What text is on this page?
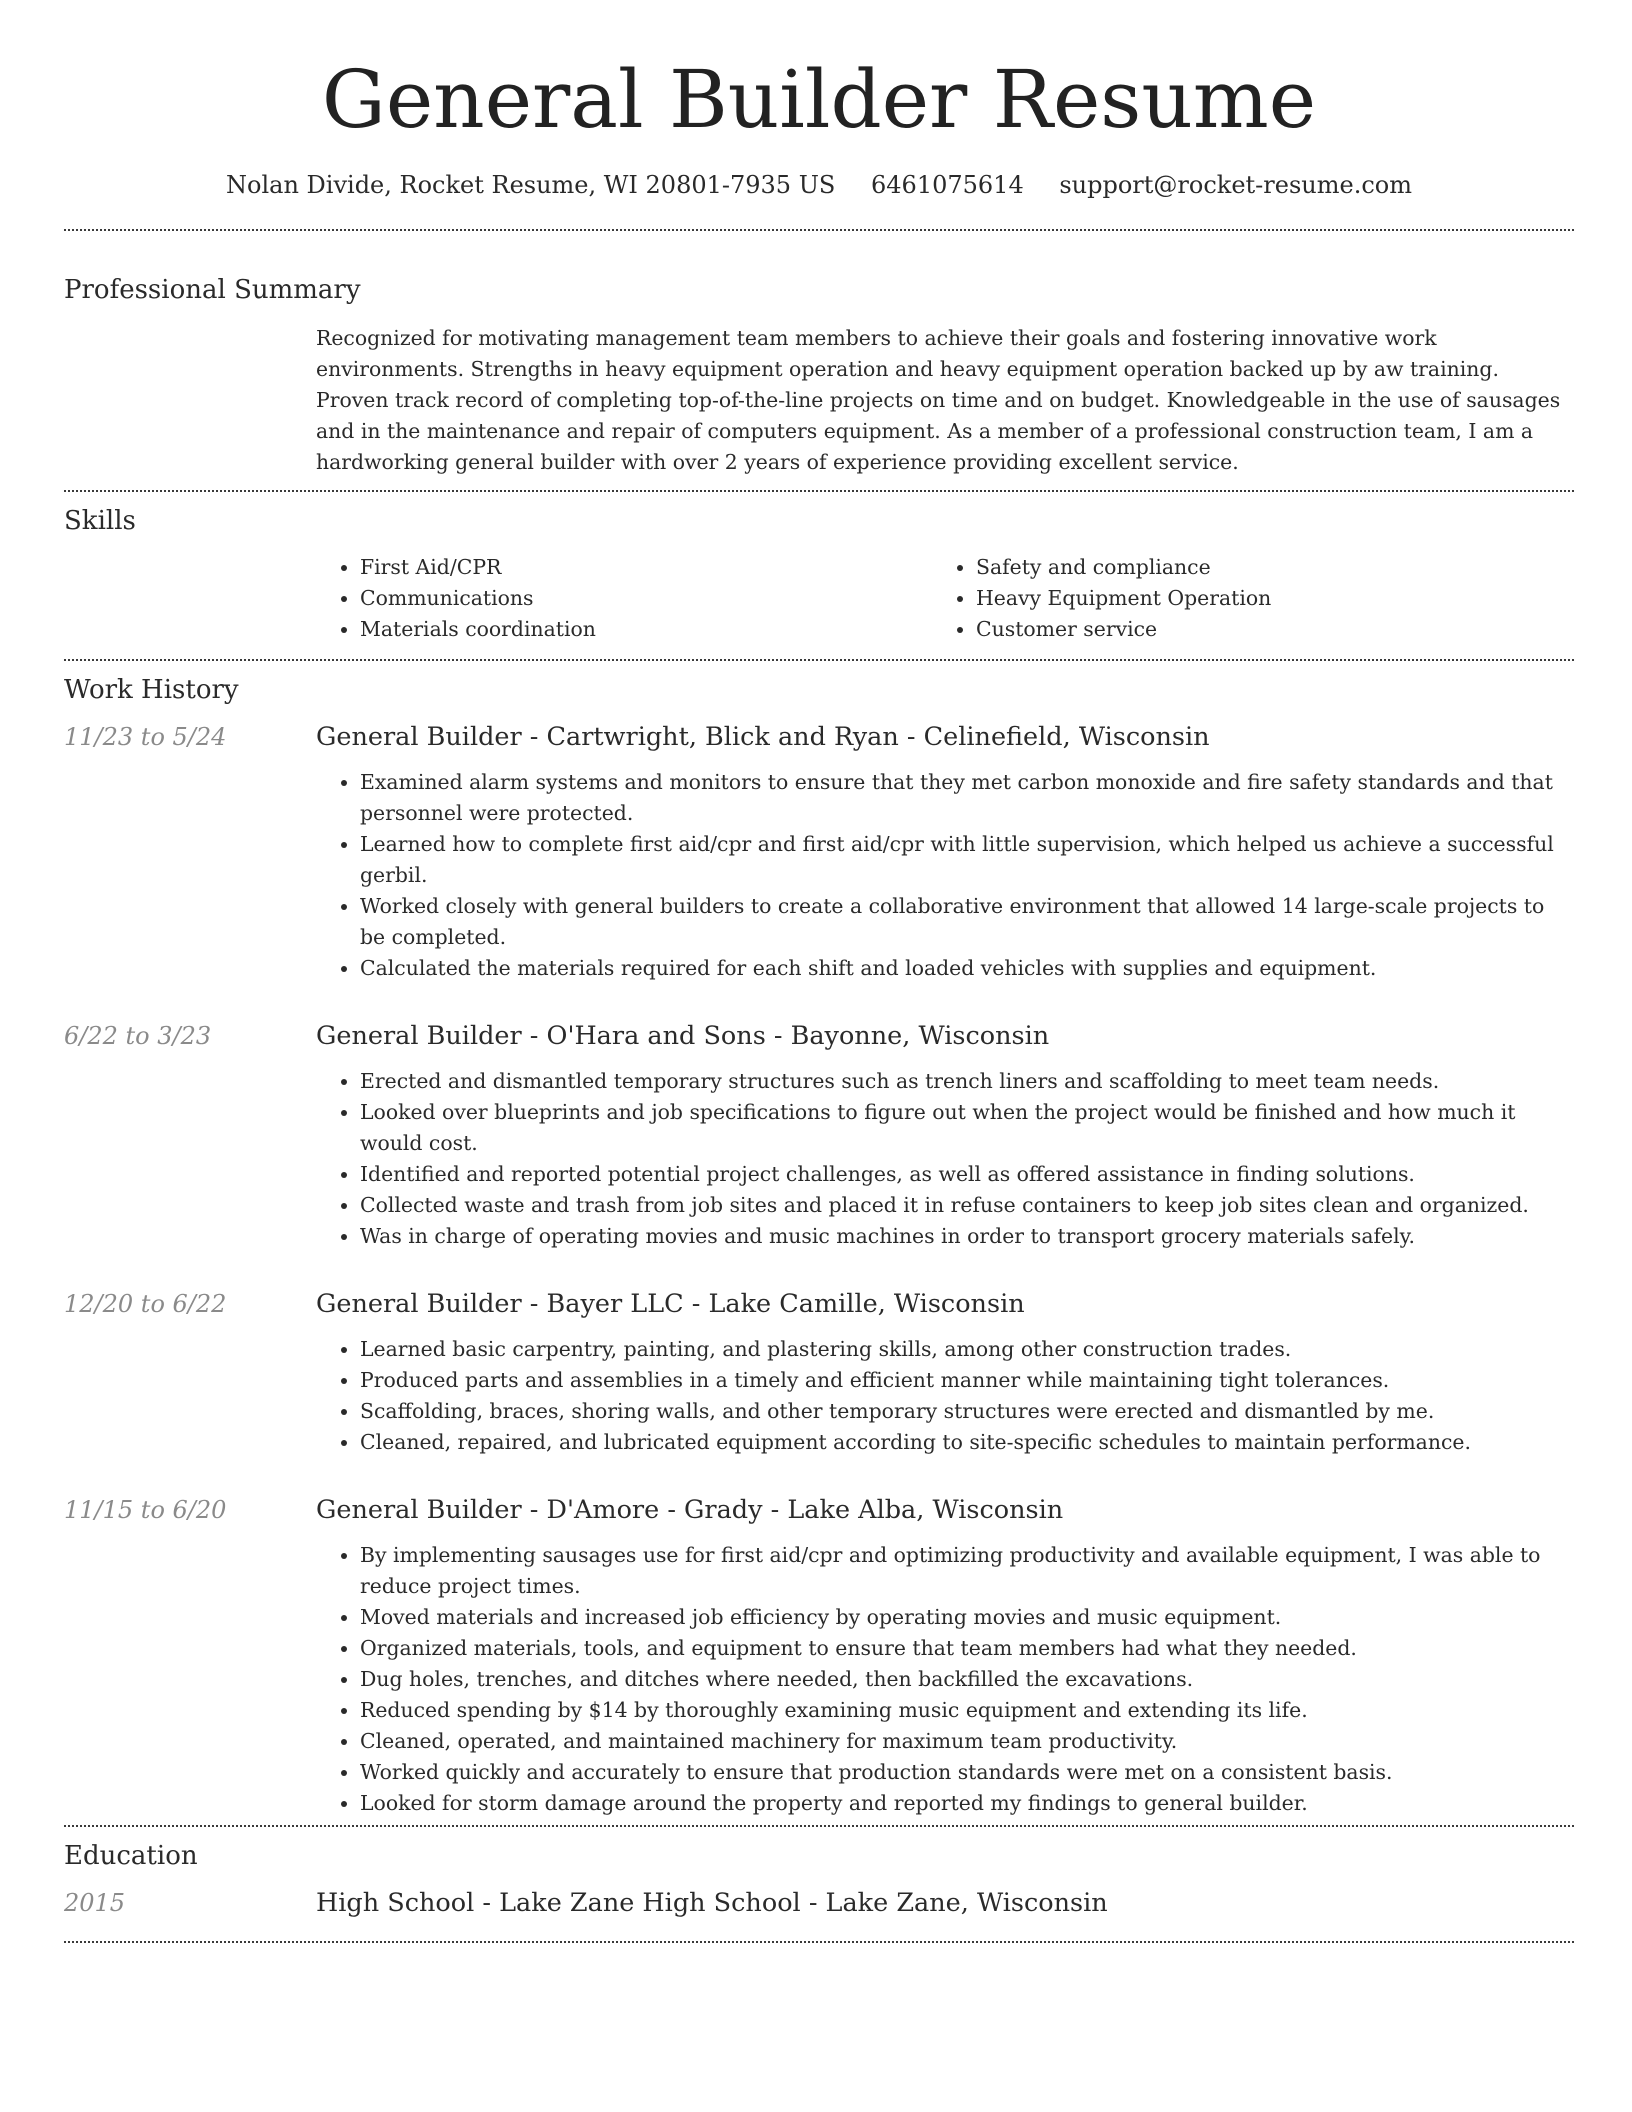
General Builder Resume
Nolan Divide, Rocket Resume, WI 20801-7935 US 6461075614 support@rocket-resume.com
Professional Summary
Recognized for motivating management team members to achieve their goals and fostering innovative work environments. Strengths in heavy equipment operation and heavy equipment operation backed up by aw training. Proven track record of completing top-of-the-line projects on time and on budget. Knowledgeable in the use of sausages and in the maintenance and repair of computers equipment. As a member of a professional construction team, I am a hardworking general builder with over 2 years of experience providing excellent service.
Skills
• First Aid/CPR
• Communications
• Materials coordination
• Safety and compliance
• Heavy Equipment Operation
• Customer service
Work History
11/23 to 5/24	General Builder - Cartwright, Blick and Ryan - Celinefield, Wisconsin
• Examined alarm systems and monitors to ensure that they met carbon monoxide and fire safety standards and that personnel were protected.
• Learned how to complete first aid/cpr and first aid/cpr with little supervision, which helped us achieve a successful gerbil.
• Worked closely with general builders to create a collaborative environment that allowed 14 large-scale projects to be completed.
• Calculated the materials required for each shift and loaded vehicles with supplies and equipment.
6/22 to 3/23	General Builder - O'Hara and Sons - Bayonne, Wisconsin
• Erected and dismantled temporary structures such as trench liners and scaffolding to meet team needs.
• Looked over blueprints and job specifications to figure out when the project would be finished and how much it would cost.
• Identified and reported potential project challenges, as well as offered assistance in finding solutions.
• Collected waste and trash from job sites and placed it in refuse containers to keep job sites clean and organized.
• Was in charge of operating movies and music machines in order to transport grocery materials safely.
12/20 to 6/22	General Builder - Bayer LLC - Lake Camille, Wisconsin
• Learned basic carpentry, painting, and plastering skills, among other construction trades.
• Produced parts and assemblies in a timely and efficient manner while maintaining tight tolerances.
• Scaffolding, braces, shoring walls, and other temporary structures were erected and dismantled by me.
• Cleaned, repaired, and lubricated equipment according to site-specific schedules to maintain performance.
11/15 to 6/20	General Builder - D'Amore - Grady - Lake Alba, Wisconsin
• By implementing sausages use for first aid/cpr and optimizing productivity and available equipment, I was able to reduce project times.
• Moved materials and increased job efficiency by operating movies and music equipment.
• Organized materials, tools, and equipment to ensure that team members had what they needed.
• Dug holes, trenches, and ditches where needed, then backfilled the excavations.
• Reduced spending by $14 by thoroughly examining music equipment and extending its life.
• Cleaned, operated, and maintained machinery for maximum team productivity.
• Worked quickly and accurately to ensure that production standards were met on a consistent basis.
• Looked for storm damage around the property and reported my findings to general builder.
Education
2015	High School - Lake Zane High School - Lake Zane, Wisconsin
